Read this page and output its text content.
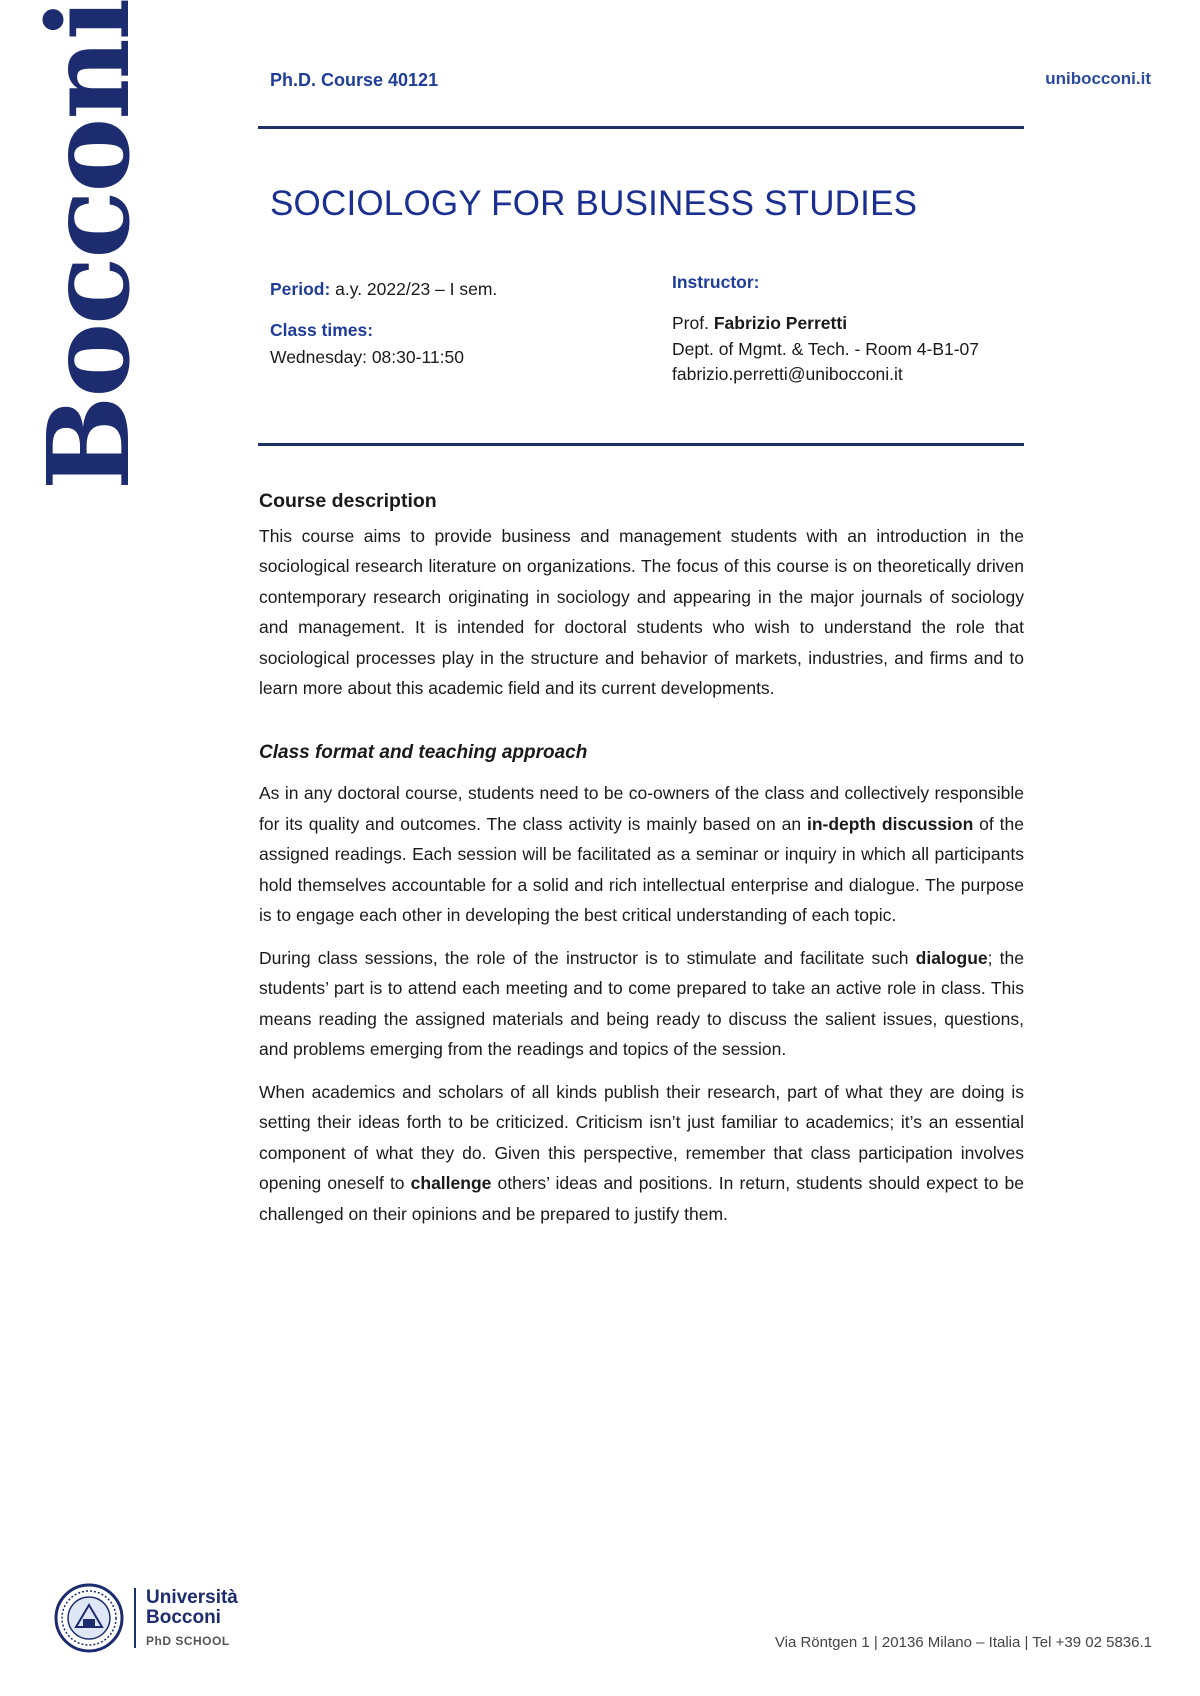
Bocconi	Ph.D. Course 40121	unibocconi.it
SOCIOLOGY FOR BUSINESS STUDIES
Period: a.y. 2022/23 – I sem.
Class times:
Wednesday: 08:30-11:50
Instructor:
Prof. Fabrizio Perretti
Dept. of Mgmt. & Tech. - Room 4-B1-07
fabrizio.perretti@unibocconi.it
Course description

This course aims to provide business and management students with an introduction in the sociological research literature on organizations. The focus of this course is on theoretically driven contemporary research originating in sociology and appearing in the major journals of sociology and management. It is intended for doctoral students who wish to understand the role that sociological processes play in the structure and behavior of markets, industries, and firms and to learn more about this academic field and its current developments.

Class format and teaching approach

As in any doctoral course, students need to be co-owners of the class and collectively responsible for its quality and outcomes. The class activity is mainly based on an in-depth discussion of the assigned readings. Each session will be facilitated as a seminar or inquiry in which all participants hold themselves accountable for a solid and rich intellectual enterprise and dialogue. The purpose is to engage each other in developing the best critical understanding of each topic.

During class sessions, the role of the instructor is to stimulate and facilitate such dialogue; the students’ part is to attend each meeting and to come prepared to take an active role in class. This means reading the assigned materials and being ready to discuss the salient issues, questions, and problems emerging from the readings and topics of the session.

When academics and scholars of all kinds publish their research, part of what they are doing is setting their ideas forth to be criticized. Criticism isn’t just familiar to academics; it’s an essential component of what they do. Given this perspective, remember that class participation involves opening oneself to challenge others’ ideas and positions. In return, students should expect to be challenged on their opinions and be prepared to justify them.

Università
Bocconi
PhD SCHOOL	Via Röntgen 1 | 20136 Milano – Italia | Tel +39 02 5836.1
